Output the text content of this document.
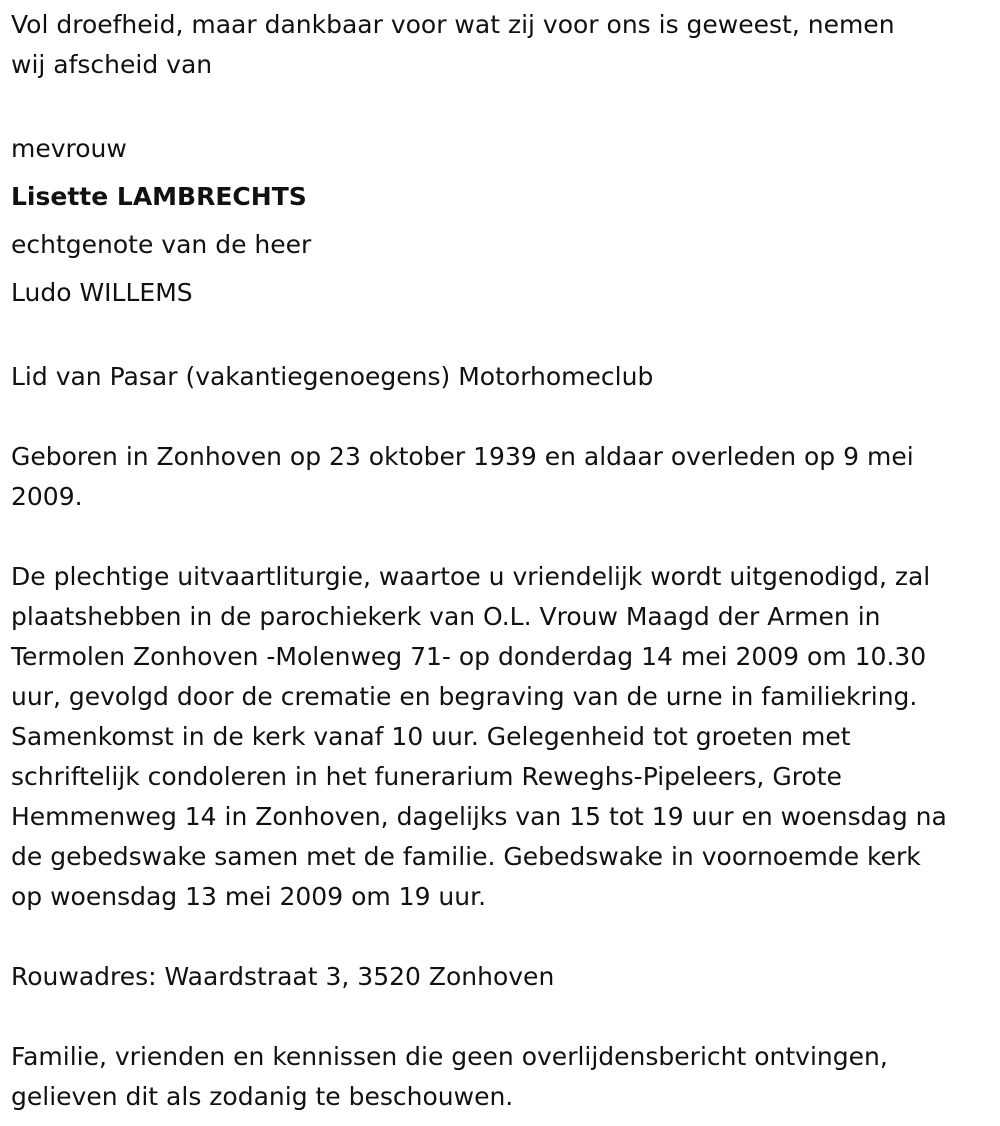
Vol droefheid, maar dankbaar voor wat zij voor ons is geweest, nemen
wij afscheid van
mevrouw
Lisette LAMBRECHTS
echtgenote van de heer
Ludo WILLEMS
Lid van Pasar (vakantiegenoegens) Motorhomeclub
Geboren in Zonhoven op 23 oktober 1939 en aldaar overleden op 9 mei
2009.
De plechtige uitvaartliturgie, waartoe u vriendelijk wordt uitgenodigd, zal
plaatshebben in de parochiekerk van O.L. Vrouw Maagd der Armen in
Termolen Zonhoven -Molenweg 71- op donderdag 14 mei 2009 om 10.30
uur, gevolgd door de crematie en begraving van de urne in familiekring.
Samenkomst in de kerk vanaf 10 uur. Gelegenheid tot groeten met
schriftelijk condoleren in het funerarium Reweghs-Pipeleers, Grote
Hemmenweg 14 in Zonhoven, dagelijks van 15 tot 19 uur en woensdag na
de gebedswake samen met de familie. Gebedswake in voornoemde kerk
op woensdag 13 mei 2009 om 19 uur.
Rouwadres: Waardstraat 3, 3520 Zonhoven
Familie, vrienden en kennissen die geen overlijdensbericht ontvingen,
gelieven dit als zodanig te beschouwen.
